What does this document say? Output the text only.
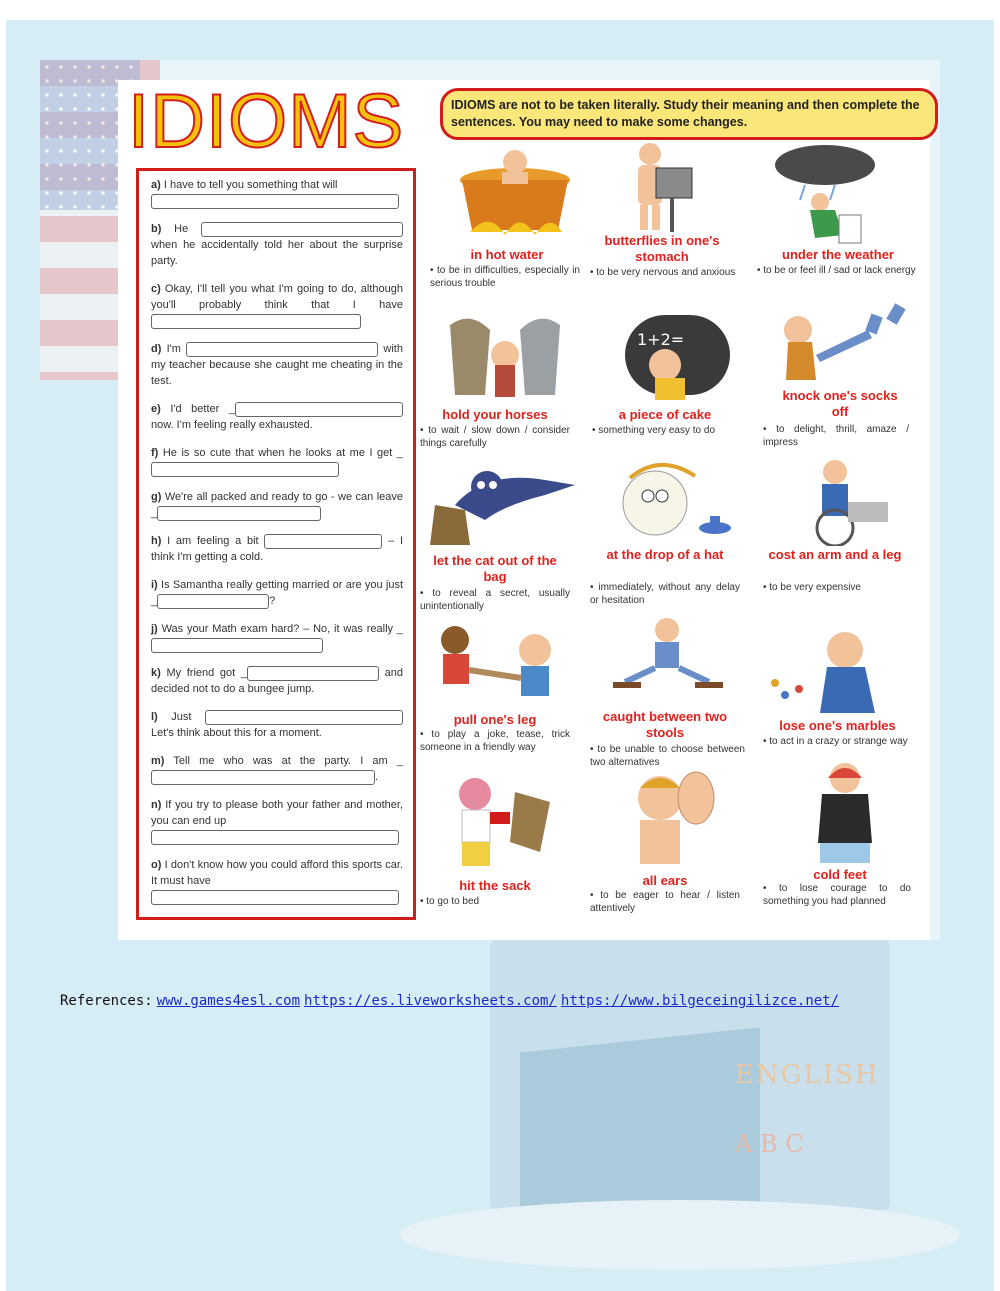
ENGLISH
A B C
IDIOMS	IDIOMS are not to be taken literally. Study their meaning and then complete the sentences. You may need to make some changes.
a) I have to tell you something that will
b) He  when he accidentally told her about the surprise party.
c) Okay, I'll tell you what I'm going to do, although you'll probably think that I have
d) I'm	with my teacher because she caught me cheating in the test.
e) I'd better _ now. I'm feeling really exhausted.
f) He is so cute that when he looks at me I get _
g) We're all packed and ready to go - we can leave _
h) I am feeling a bit	– I think I'm getting a cold.
i) Is Samantha really getting married or are you just _	?
j) Was your Math exam hard? – No, it was really _
k) My friend got _	and decided not to do a bungee jump.
l) Just  Let's think about this for a moment.
m) Tell me who was at the party. I am _.
n) If you try to please both your father and mother, you can end up
o) I don't know how you could afford this sports car. It must have
in hot water
• to be in difficulties, especially in serious trouble
butterflies in one's stomach
• to be very nervous and anxious
under the weather
• to be or feel ill / sad or lack energy
hold your horses
• to wait / slow down / consider things carefully
1+2=
a piece of cake
• something very easy to do
knock one's socks off
• to delight, thrill, amaze / impress
let the cat out of the bag
• to reveal a secret, usually unintentionally
at the drop of a hat
• immediately, without any delay or hesitation
cost an arm and a leg
• to be very expensive
pull one's leg
• to play a joke, tease, trick someone in a friendly way
caught between two stools
• to be unable to choose between two alternatives
lose one's marbles
• to act in a crazy or strange way
hit the sack
• to go to bed
all ears
• to be eager to hear / listen attentively
cold feet
• to lose courage to do something you had planned
References: www.games4esl.com https://es.liveworksheets.com/ https://www.bilgeceingilizce.net/
